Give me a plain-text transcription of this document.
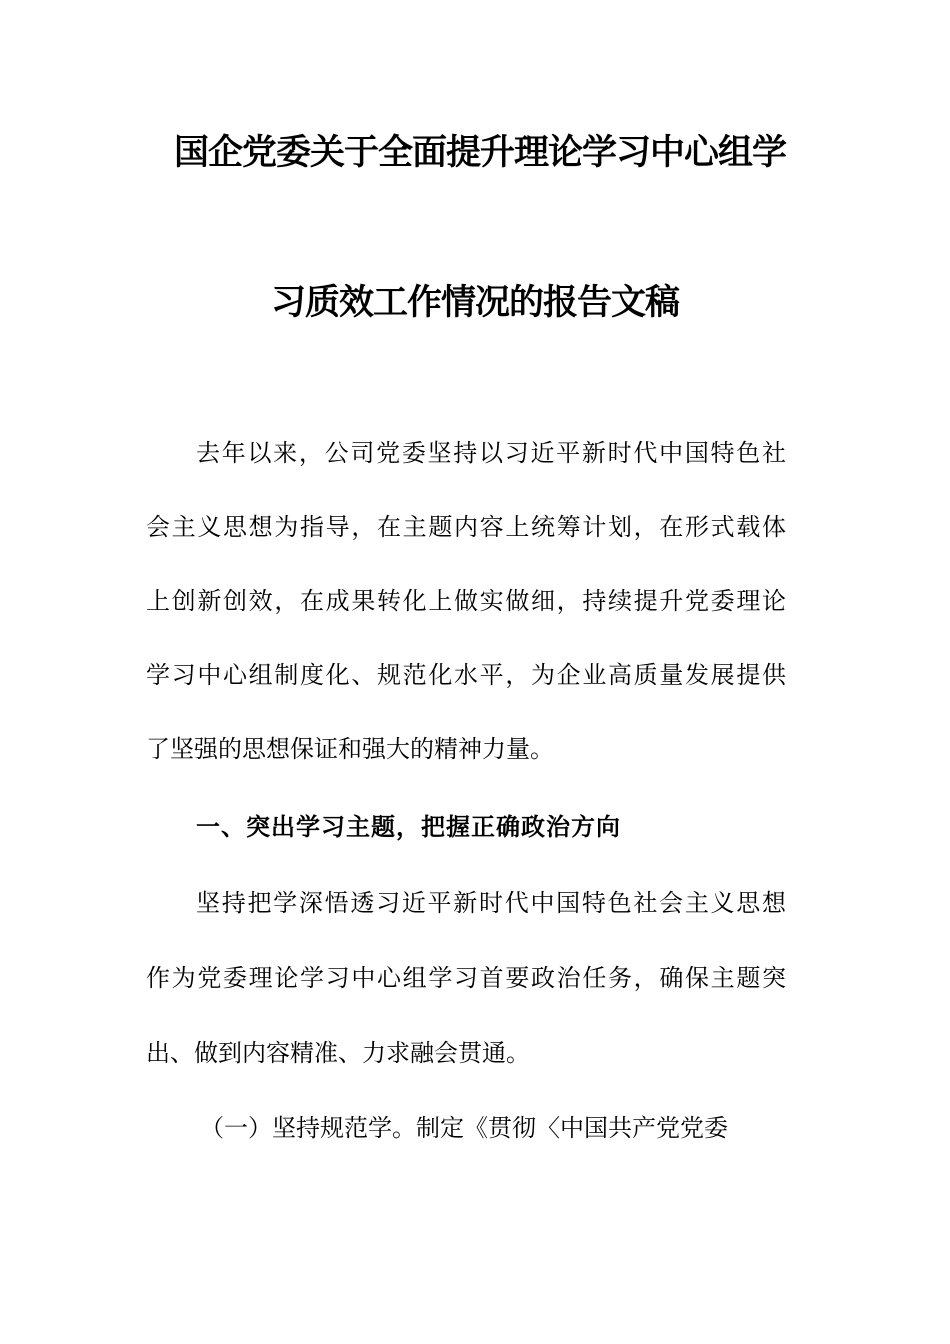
国企党委关于全面提升理论学习中心组学
习质效工作情况的报告文稿
去年以来，公司党委坚持以习近平新时代中国特色社
会主义思想为指导，在主题内容上统筹计划，在形式载体
上创新创效，在成果转化上做实做细，持续提升党委理论
学习中心组制度化、规范化水平，为企业高质量发展提供
了坚强的思想保证和强大的精神力量。
一、突出学习主题，把握正确政治方向
坚持把学深悟透习近平新时代中国特色社会主义思想
作为党委理论学习中心组学习首要政治任务，确保主题突
出、做到内容精准、力求融会贯通。
（一）坚持规范学。制定《贯彻〈中国共产党党委
